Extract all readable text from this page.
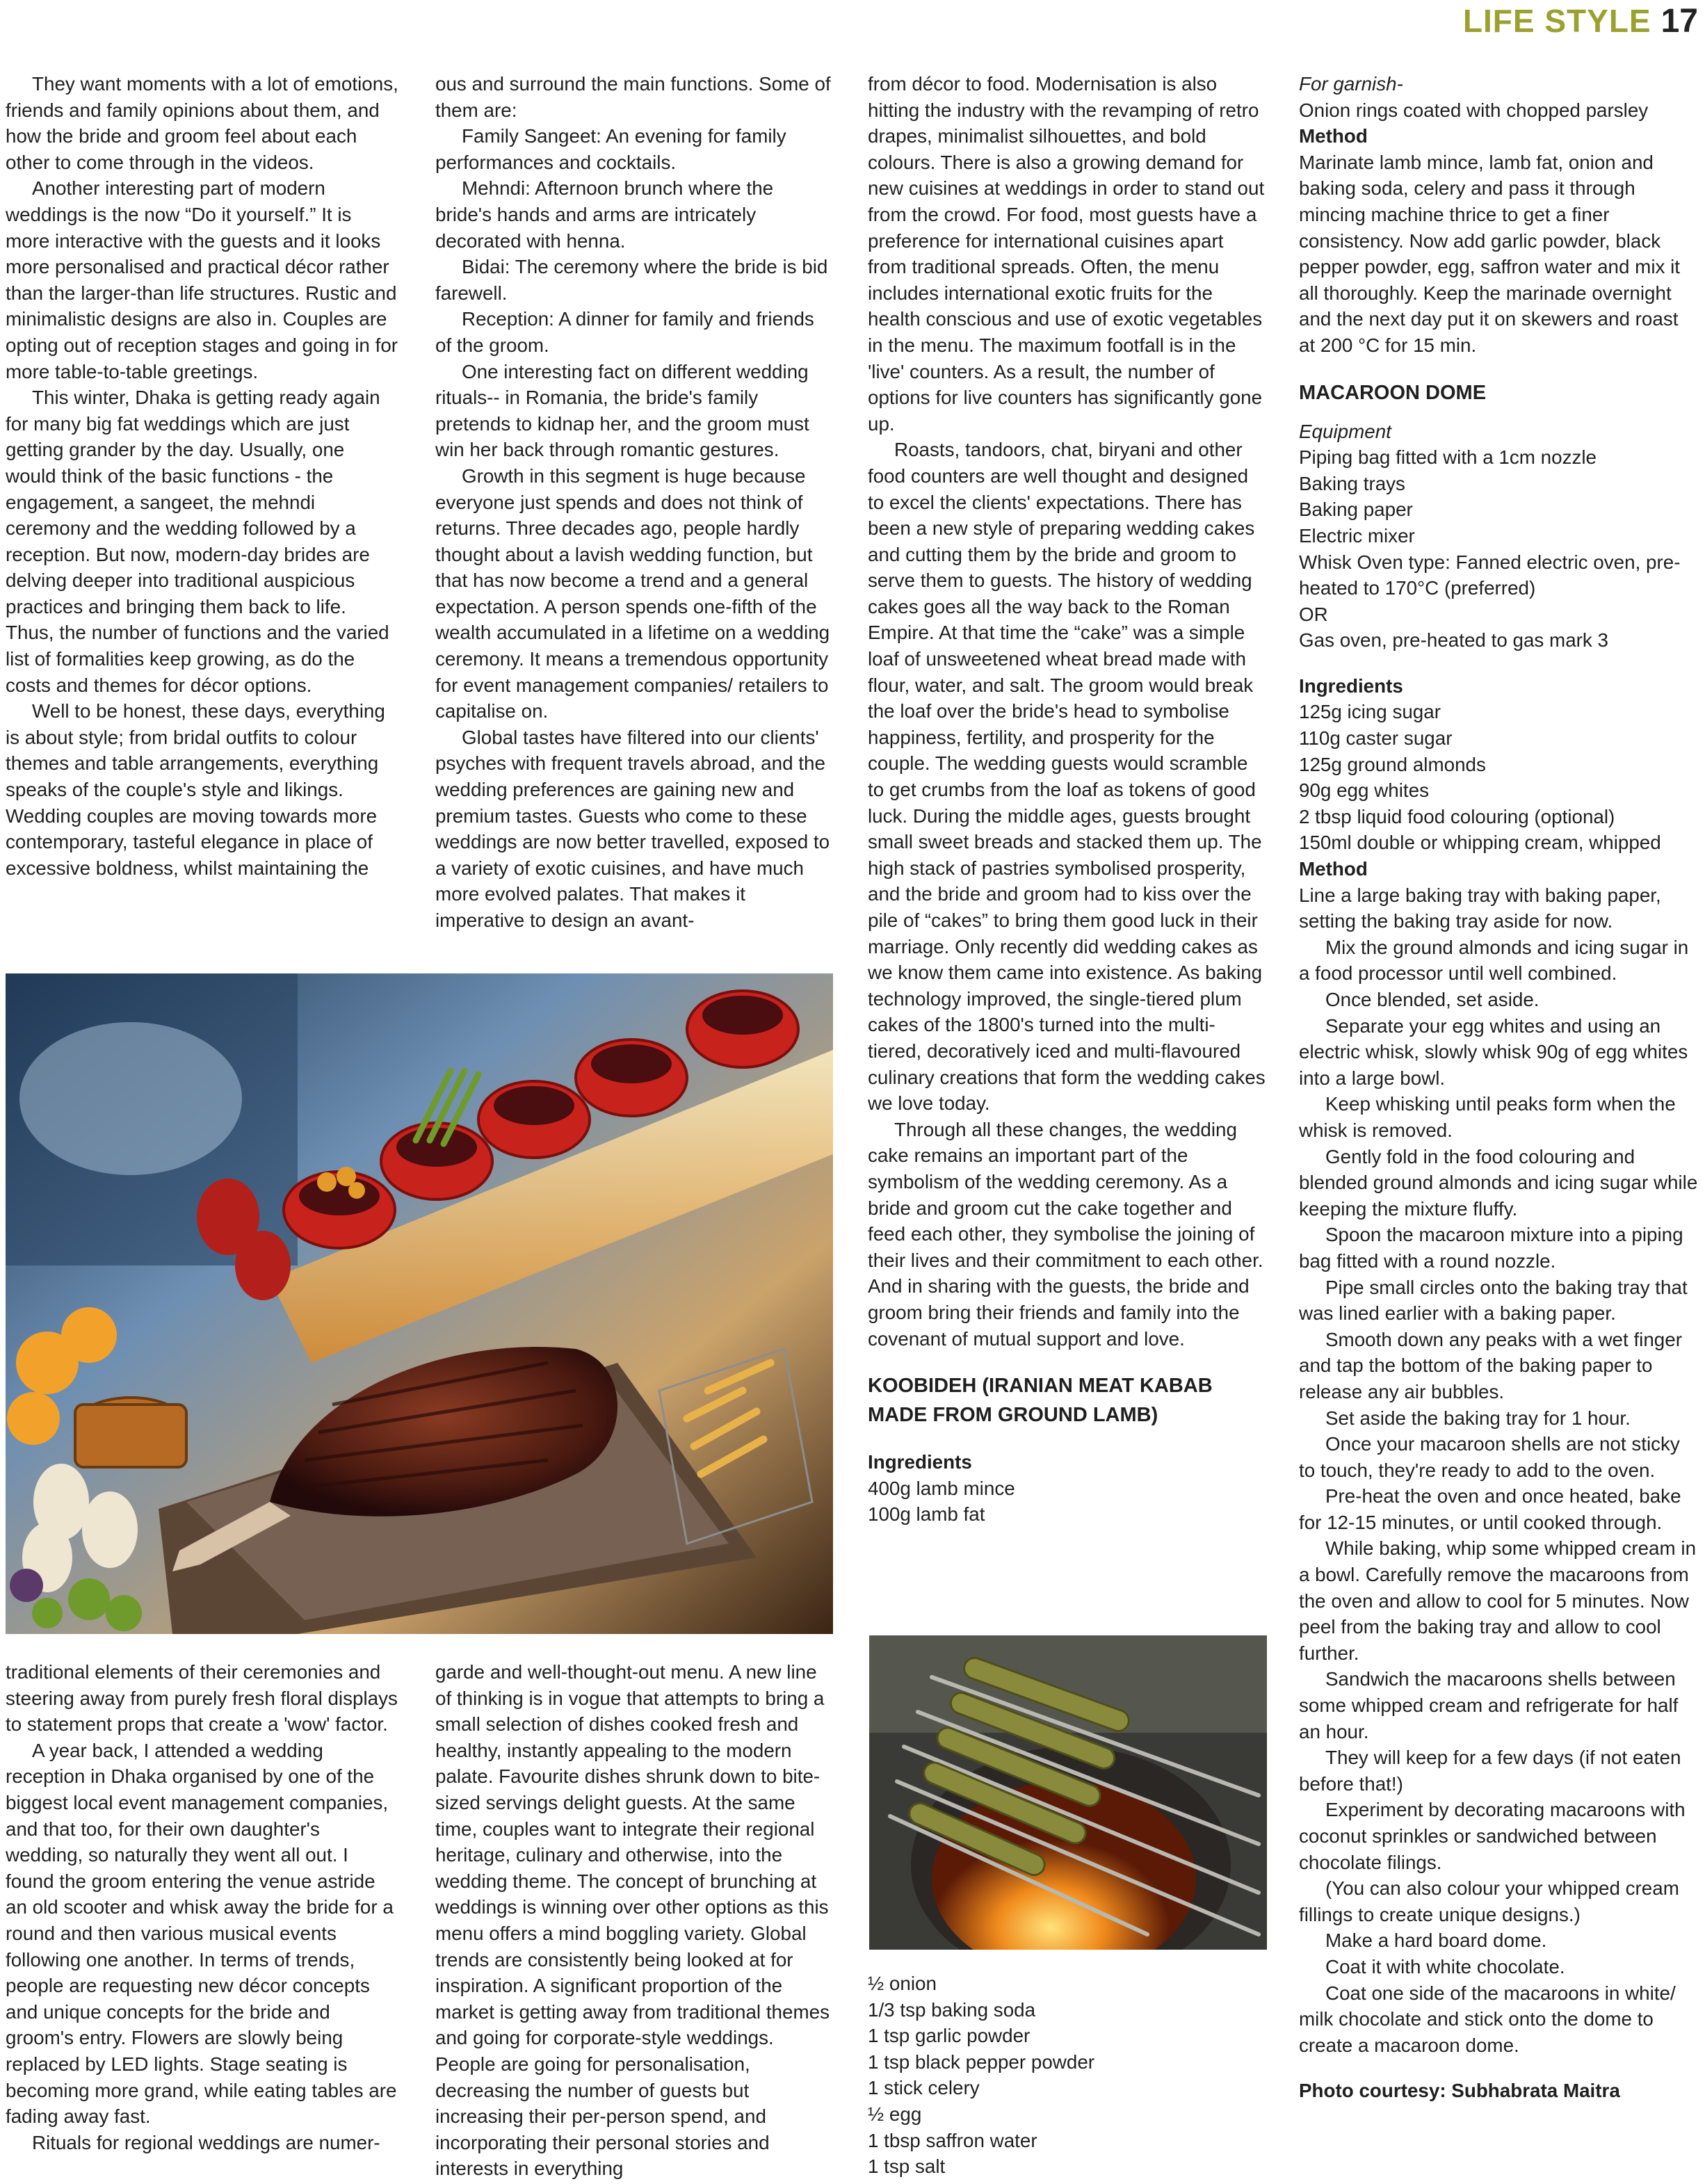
LIFE STYLE 17

They want moments with a lot of emotions, friends and family opinions about them, and how the bride and groom feel about each other to come through in the videos.

Another interesting part of modern weddings is the now “Do it yourself.” It is more interactive with the guests and it looks more personalised and practical décor rather than the larger-than life structures. Rustic and minimalistic designs are also in. Couples are opting out of reception stages and going in for more table-to-table greetings.

This winter, Dhaka is getting ready again for many big fat weddings which are just getting grander by the day. Usually, one would think of the basic functions - the engagement, a sangeet, the mehndi ceremony and the wedding followed by a reception. But now, modern-day brides are delving deeper into traditional auspicious practices and bringing them back to life. Thus, the number of functions and the varied list of formalities keep growing, as do the costs and themes for décor options.

Well to be honest, these days, everything is about style; from bridal outfits to colour themes and table arrangements, everything speaks of the couple's style and likings. Wedding couples are moving towards more contemporary, tasteful elegance in place of excessive boldness, whilst maintaining the

ous and surround the main functions. Some of them are:

Family Sangeet: An evening for family performances and cocktails.

Mehndi: Afternoon brunch where the bride's hands and arms are intricately decorated with henna.

Bidai: The ceremony where the bride is bid farewell.

Reception: A dinner for family and friends of the groom.

One interesting fact on different wedding rituals-- in Romania, the bride's family pretends to kidnap her, and the groom must win her back through romantic gestures.

Growth in this segment is huge because everyone just spends and does not think of returns. Three decades ago, people hardly thought about a lavish wedding function, but that has now become a trend and a general expectation. A person spends one-fifth of the wealth accumulated in a lifetime on a wedding ceremony. It means a tremendous opportunity for event management companies/ retailers to capitalise on.

Global tastes have filtered into our clients' psyches with frequent travels abroad, and the wedding preferences are gaining new and premium tastes. Guests who come to these weddings are now better travelled, exposed to a variety of exotic cuisines, and have much more evolved palates. That makes it imperative to design an avant-

traditional elements of their ceremonies and steering away from purely fresh floral displays to statement props that create a 'wow' factor.

A year back, I attended a wedding reception in Dhaka organised by one of the biggest local event management companies, and that too, for their own daughter's wedding, so naturally they went all out. I found the groom entering the venue astride an old scooter and whisk away the bride for a round and then various musical events following one another. In terms of trends, people are requesting new décor concepts and unique concepts for the bride and groom's entry. Flowers are slowly being replaced by LED lights. Stage seating is becoming more grand, while eating tables are fading away fast.

Rituals for regional weddings are numer-

garde and well-thought-out menu. A new line of thinking is in vogue that attempts to bring a small selection of dishes cooked fresh and healthy, instantly appealing to the modern palate. Favourite dishes shrunk down to bite-sized servings delight guests. At the same time, couples want to integrate their regional heritage, culinary and otherwise, into the wedding theme. The concept of brunching at weddings is winning over other options as this menu offers a mind boggling variety. Global trends are consistently being looked at for inspiration. A significant proportion of the market is getting away from traditional themes and going for corporate-style weddings. People are going for personalisation, decreasing the number of guests but increasing their per-person spend, and incorporating their personal stories and interests in everything

from décor to food. Modernisation is also hitting the industry with the revamping of retro drapes, minimalist silhouettes, and bold colours. There is also a growing demand for new cuisines at weddings in order to stand out from the crowd. For food, most guests have a preference for international cuisines apart from traditional spreads. Often, the menu includes international exotic fruits for the health conscious and use of exotic vegetables in the menu. The maximum footfall is in the 'live' counters. As a result, the number of options for live counters has significantly gone up.

Roasts, tandoors, chat, biryani and other food counters are well thought and designed to excel the clients' expectations. There has been a new style of preparing wedding cakes and cutting them by the bride and groom to serve them to guests. The history of wedding cakes goes all the way back to the Roman Empire. At that time the “cake” was a simple loaf of unsweetened wheat bread made with flour, water, and salt. The groom would break the loaf over the bride's head to symbolise happiness, fertility, and prosperity for the couple. The wedding guests would scramble to get crumbs from the loaf as tokens of good luck. During the middle ages, guests brought small sweet breads and stacked them up. The high stack of pastries symbolised prosperity, and the bride and groom had to kiss over the pile of “cakes” to bring them good luck in their marriage. Only recently did wedding cakes as we know them came into existence. As baking technology improved, the single-tiered plum cakes of the 1800's turned into the multi-tiered, decoratively iced and multi-flavoured culinary creations that form the wedding cakes we love today.

Through all these changes, the wedding cake remains an important part of the symbolism of the wedding ceremony. As a bride and groom cut the cake together and feed each other, they symbolise the joining of their lives and their commitment to each other. And in sharing with the guests, the bride and groom bring their friends and family into the covenant of mutual support and love.

KOOBIDEH (IRANIAN MEAT KABAB MADE FROM GROUND LAMB)

Ingredients

400g lamb mince

100g lamb fat

½ onion

1/3 tsp baking soda

1 tsp garlic powder

1 tsp black pepper powder

1 stick celery

½ egg

1 tbsp saffron water

1 tsp salt

For garnish-

Onion rings coated with chopped parsley

Method

Marinate lamb mince, lamb fat, onion and baking soda, celery and pass it through mincing machine thrice to get a finer consistency. Now add garlic powder, black pepper powder, egg, saffron water and mix it all thoroughly. Keep the marinade overnight and the next day put it on skewers and roast at 200 °C for 15 min.

MACAROON DOME

Equipment

Piping bag fitted with a 1cm nozzle

Baking trays

Baking paper

Electric mixer

Whisk Oven type: Fanned electric oven, pre-heated to 170°C (preferred)

OR

Gas oven, pre-heated to gas mark 3

Ingredients

125g icing sugar

110g caster sugar

125g ground almonds

90g egg whites

2 tbsp liquid food colouring (optional)

150ml double or whipping cream, whipped

Method

Line a large baking tray with baking paper, setting the baking tray aside for now.

Mix the ground almonds and icing sugar in a food processor until well combined.

Once blended, set aside.

Separate your egg whites and using an electric whisk, slowly whisk 90g of egg whites into a large bowl.

Keep whisking until peaks form when the whisk is removed.

Gently fold in the food colouring and blended ground almonds and icing sugar while keeping the mixture fluffy.

Spoon the macaroon mixture into a piping bag fitted with a round nozzle.

Pipe small circles onto the baking tray that was lined earlier with a baking paper.

Smooth down any peaks with a wet finger and tap the bottom of the baking paper to release any air bubbles.

Set aside the baking tray for 1 hour.

Once your macaroon shells are not sticky to touch, they're ready to add to the oven.

Pre-heat the oven and once heated, bake for 12-15 minutes, or until cooked through.

While baking, whip some whipped cream in a bowl. Carefully remove the macaroons from the oven and allow to cool for 5 minutes. Now peel from the baking tray and allow to cool further.

Sandwich the macaroons shells between some whipped cream and refrigerate for half an hour.

They will keep for a few days (if not eaten before that!)

Experiment by decorating macaroons with coconut sprinkles or sandwiched between chocolate filings.

(You can also colour your whipped cream fillings to create unique designs.)

Make a hard board dome.

Coat it with white chocolate.

Coat one side of the macaroons in white/ milk chocolate and stick onto the dome to create a macaroon dome.

Photo courtesy: Subhabrata Maitra
